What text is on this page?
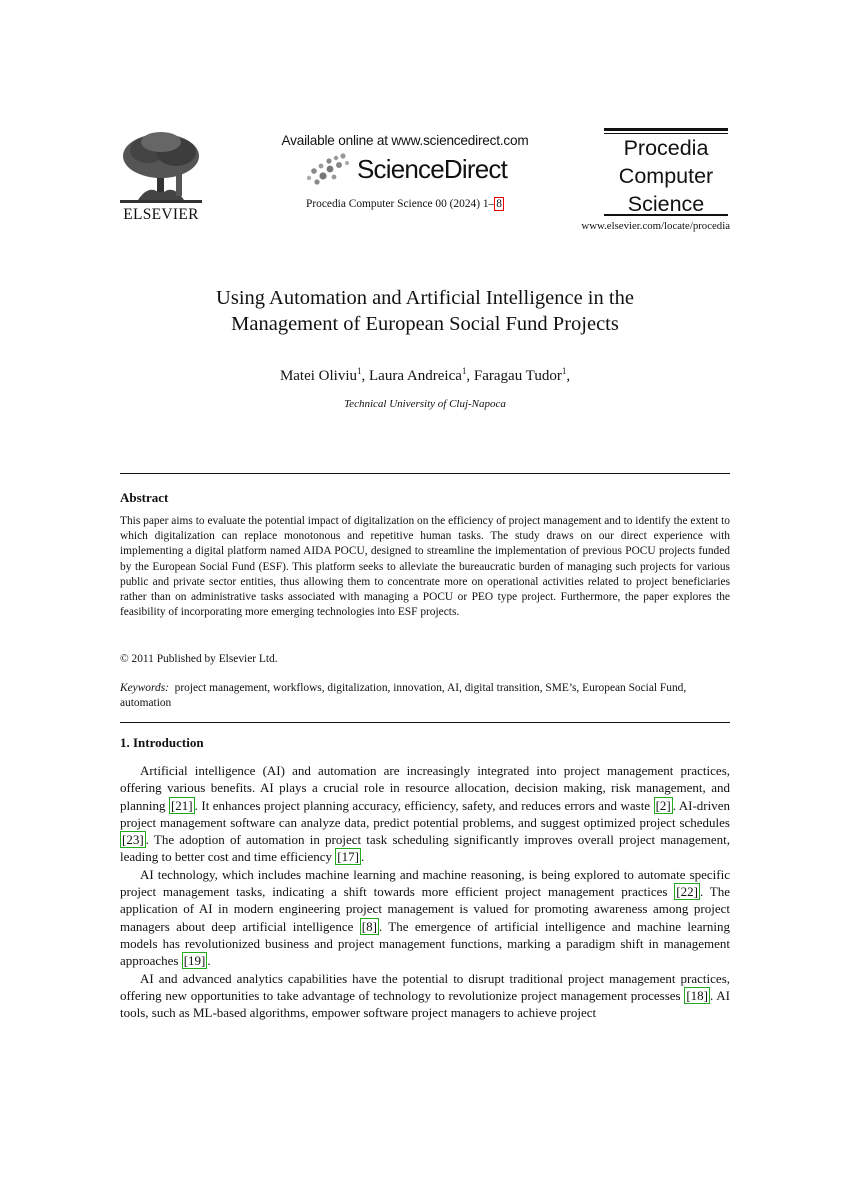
ELSEVIER
Available online at www.sciencedirect.com
ScienceDirect
Procedia Computer Science 00 (2024) 1– 8
Procedia
Computer
Science
www.elsevier.com/locate/procedia
Using Automation and Artificial Intelligence in the
Management of European Social Fund Projects
Matei Oliviu$^1$, Laura Andreica$^1$, Faragau Tudor$^1$,
Technical University of Cluj-Napoca
Abstract
This paper aims to evaluate the potential impact of digitalization on the efficiency of project management and to identify the extent to which digitalization can replace monotonous and repetitive human tasks. The study draws on our direct experience with implementing a digital platform named AIDA POCU, designed to streamline the implementation of previous POCU projects funded by the European Social Fund (ESF). This platform seeks to alleviate the bureaucratic burden of managing such projects for various public and private sector entities, thus allowing them to concentrate more on operational activities related to project beneficiaries rather than on administrative tasks associated with managing a POCU or PEO type project. Furthermore, the paper explores the feasibility of incorporating more emerging technologies into ESF projects.
© 2011 Published by Elsevier Ltd.
Keywords: project management, workflows, digitalization, innovation, AI, digital transition, SME’s, European Social Fund, automation
1. Introduction

Artificial intelligence (AI) and automation are increasingly integrated into project management practices, offering various benefits. AI plays a crucial role in resource allocation, decision making, risk management, and planning [21] . It enhances project planning accuracy, efficiency, safety, and reduces errors and waste [2] . AI-driven project management software can analyze data, predict potential problems, and suggest optimized project schedules [23] . The adoption of automation in project task scheduling significantly improves overall project management, leading to better cost and time efficiency [17] .

AI technology, which includes machine learning and machine reasoning, is being explored to automate specific project management tasks, indicating a shift towards more efficient project management practices [22] . The application of AI in modern engineering project management is valued for promoting awareness among project managers about deep artificial intelligence [8] . The emergence of artificial intelligence and machine learning models has revolutionized business and project management functions, marking a paradigm shift in management approaches [19] .

AI and advanced analytics capabilities have the potential to disrupt traditional project management practices, offering new opportunities to take advantage of technology to revolutionize project management processes [18] . AI tools, such as ML-based algorithms, empower software project managers to achieve project
